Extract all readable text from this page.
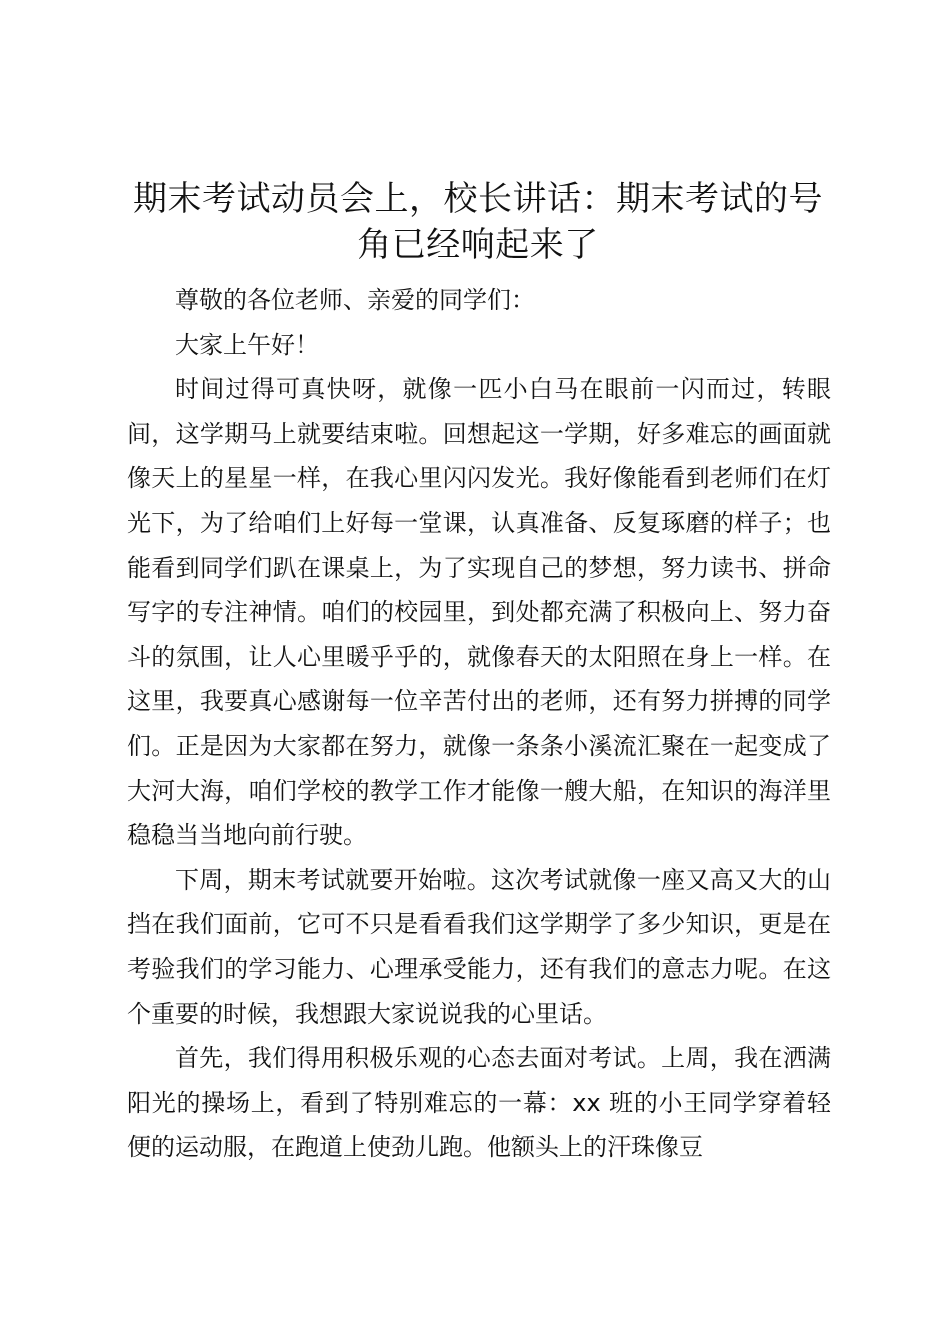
期末考试动员会上，校长讲话：期末考试的号角已经响起来了

尊敬的各位老师、亲爱的同学们：

大家上午好！

时间过得可真快呀，就像一匹小白马在眼前一闪而过，转眼间，这学期马上就要结束啦。回想起这一学期，好多难忘的画面就像天上的星星一样，在我心里闪闪发光。我好像能看到老师们在灯光下，为了给咱们上好每一堂课，认真准备、反复琢磨的样子；也能看到同学们趴在课桌上，为了实现自己的梦想，努力读书、拼命写字的专注神情。咱们的校园里，到处都充满了积极向上、努力奋斗的氛围，让人心里暖乎乎的，就像春天的太阳照在身上一样。在这里，我要真心感谢每一位辛苦付出的老师，还有努力拼搏的同学们。正是因为大家都在努力，就像一条条小溪流汇聚在一起变成了大河大海，咱们学校的教学工作才能像一艘大船，在知识的海洋里稳稳当当地向前行驶。

下周，期末考试就要开始啦。这次考试就像一座又高又大的山挡在我们面前，它可不只是看看我们这学期学了多少知识，更是在考验我们的学习能力、心理承受能力，还有我们的意志力呢。在这个重要的时候，我想跟大家说说我的心里话。

首先，我们得用积极乐观的心态去面对考试。上周，我在洒满阳光的操场上，看到了特别难忘的一幕：xx 班的小王同学穿着轻便的运动服，在跑道上使劲儿跑。他额头上的汗珠像豆
